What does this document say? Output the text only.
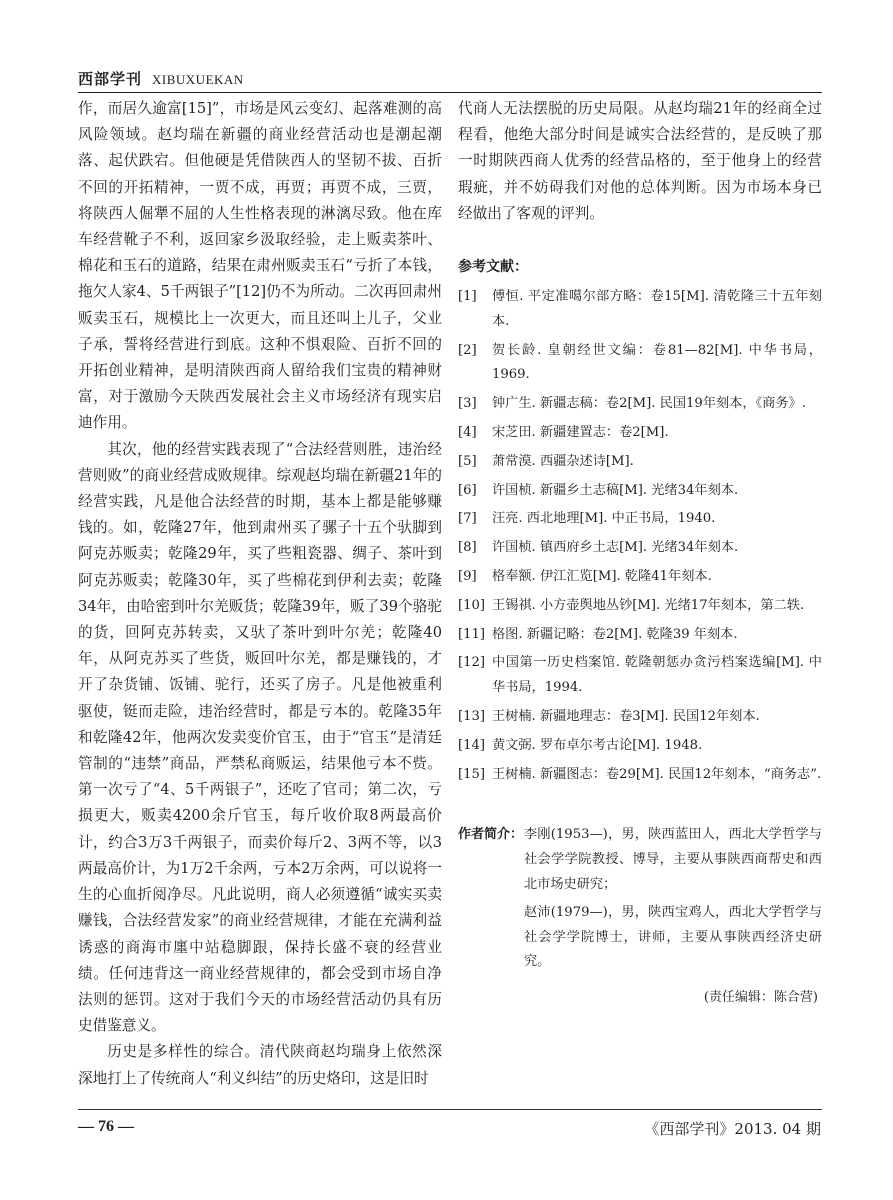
西部学刊 XIBUXUEKAN

作，而居久逾富[15]”，市场是风云变幻、起落难测的高风险领域。赵均瑞在新疆的商业经营活动也是潮起潮落、起伏跌宕。但他硬是凭借陕西人的坚韧不拔、百折不回的开拓精神，一贾不成，再贾；再贾不成，三贾，将陕西人倔犟不屈的人生性格表现的淋漓尽致。他在库车经营靴子不利，返回家乡汲取经验，走上贩卖茶叶、棉花和玉石的道路，结果在肃州贩卖玉石“亏折了本钱，拖欠人家4、5千两银子”[12]仍不为所动。二次再回肃州贩卖玉石，规模比上一次更大，而且还叫上儿子，父业子承，誓将经营进行到底。这种不惧艰险、百折不回的开拓创业精神，是明清陕西商人留给我们宝贵的精神财富，对于激励今天陕西发展社会主义市场经济有现实启迪作用。

其次，他的经营实践表现了“合法经营则胜，违治经营则败”的商业经营成败规律。综观赵均瑞在新疆21年的经营实践，凡是他合法经营的时期，基本上都是能够赚钱的。如，乾隆27年，他到肃州买了骡子十五个驮脚到阿克苏贩卖；乾隆29年，买了些粗瓷器、绸子、茶叶到阿克苏贩卖；乾隆30年，买了些棉花到伊利去卖；乾隆34年，由哈密到叶尔羌贩货；乾隆39年，贩了39个骆驼的货，回阿克苏转卖，又驮了茶叶到叶尔羌；乾隆40年，从阿克苏买了些货，贩回叶尔羌，都是赚钱的，才开了杂货铺、饭铺、驼行，还买了房子。凡是他被重利驱使，铤而走险，违治经营时，都是亏本的。乾隆35年和乾隆42年，他两次发卖变价官玉，由于“官玉”是清廷管制的“违禁”商品，严禁私商贩运，结果他亏本不赀。第一次亏了“4、5千两银子”，还吃了官司；第二次，亏损更大，贩卖4200余斤官玉，每斤收价取8两最高价计，约合3万3千两银子，而卖价每斤2、3两不等，以3两最高价计，为1万2千余两，亏本2万余两，可以说将一生的心血折阅净尽。凡此说明，商人必须遵循“诚实买卖赚钱，合法经营发家”的商业经营规律，才能在充满利益诱惑的商海市廛中站稳脚跟，保持长盛不衰的经营业绩。任何违背这一商业经营规律的，都会受到市场自净法则的惩罚。这对于我们今天的市场经营活动仍具有历史借鉴意义。

历史是多样性的综合。清代陕商赵均瑞身上依然深深地打上了传统商人“利义纠结”的历史烙印，这是旧时

代商人无法摆脱的历史局限。从赵均瑞21年的经商全过程看，他绝大部分时间是诚实合法经营的，是反映了那一时期陕西商人优秀的经营品格的，至于他身上的经营瑕疵，并不妨碍我们对他的总体判断。因为市场本身已经做出了客观的评判。

参考文献：
[1]	傅恒. 平定准噶尔部方略：卷15[M]. 清乾隆三十五年刻本.
[2]	贺长龄. 皇朝经世文编：卷81—82[M]. 中华书局，1969.
[3]	钟广生. 新疆志稿：卷2[M]. 民国19年刻本，《商务》.
[4]	宋芝田. 新疆建置志：卷2[M].
[5]	萧常漠. 西疆杂述诗[M].
[6]	许国桢. 新疆乡土志稿[M]. 光绪34年刻本.
[7]	汪亮. 西北地理[M]. 中正书局，1940.
[8]	许国桢. 镇西府乡土志[M]. 光绪34年刻本.
[9]	格奉额. 伊江汇览[M]. 乾隆41年刻本.
[10] 王锡祺. 小方壶舆地丛钞[M]. 光绪17年刻本，第二轶.
[11] 格图. 新疆记略：卷2[M]. 乾隆39 年刻本.
[12] 中国第一历史档案馆. 乾隆朝惩办贪污档案选编[M]. 中华书局，1994.
[13] 王树楠. 新疆地理志：卷3[M]. 民国12年刻本.
[14] 黄文弼. 罗布卓尔考古论[M]. 1948.
[15] 王树楠. 新疆图志：卷29[M]. 民国12年刻本，“商务志”.
作者简介： 李刚(1953—)，男，陕西蓝田人，西北大学哲学与社会学学院教授、博导，主要从事陕西商帮史和西北市场史研究；

赵沛(1979—)，男，陕西宝鸡人，西北大学哲学与社会学学院博士，讲师，主要从事陕西经济史研究。

(责任编辑：陈合营)
— 76 —	《西部学刊》2013. 04 期
